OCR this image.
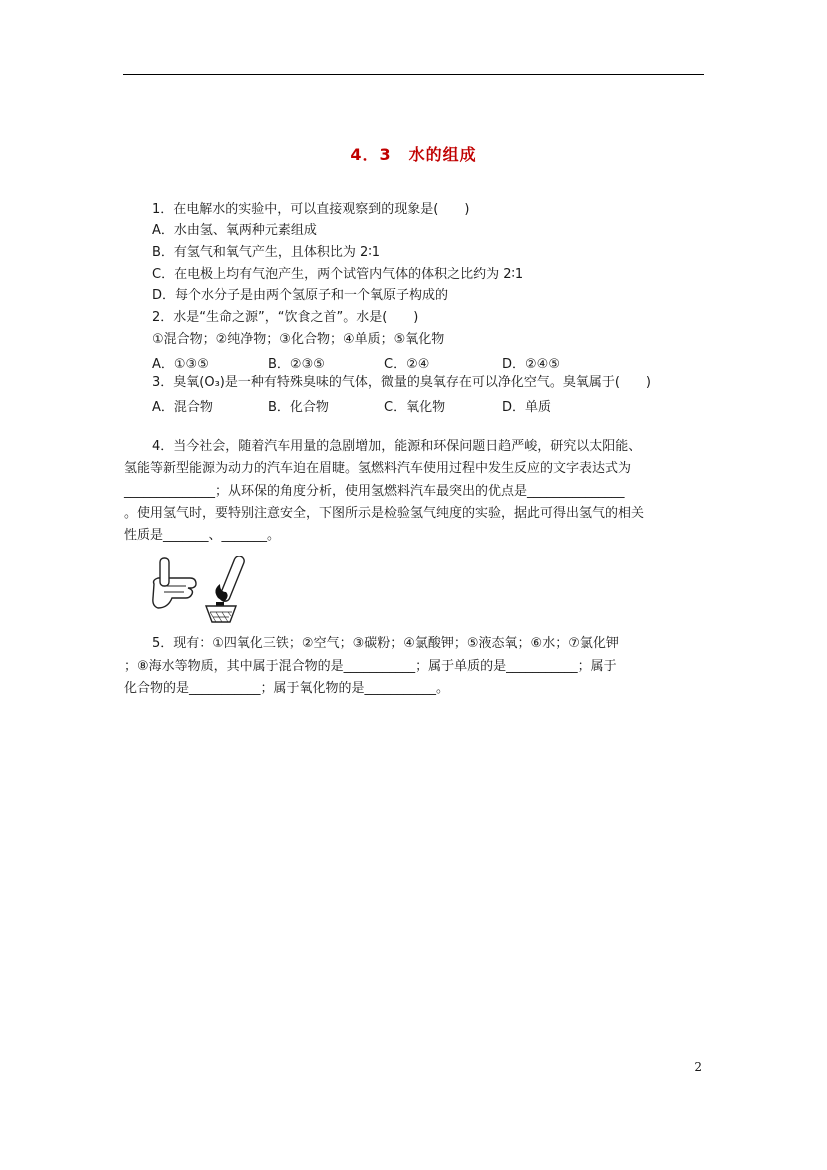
4．3　水的组成
1．在电解水的实验中，可以直接观察到的现象是(　　)
A．水由氢、氧两种元素组成
B．有氢气和氧气产生，且体积比为 2∶1
C．在电极上均有气泡产生，两个试管内气体的体积之比约为 2∶1
D．每个水分子是由两个氢原子和一个氧原子构成的
2．水是“生命之源”，“饮食之首”。水是(　　)
①混合物；②纯净物；③化合物；④单质；⑤氧化物
A．①③⑤	B．②③⑤	C．②④	D．②④⑤
3．臭氧(O₃)是一种有特殊臭味的气体，微量的臭氧存在可以净化空气。臭氧属于(　　)
A．混合物	B．化合物	C．氧化物	D．单质
4．当今社会，随着汽车用量的急剧增加，能源和环保问题日趋严峻，研究以太阳能、
氢能等新型能源为动力的汽车迫在眉睫。氢燃料汽车使用过程中发生反应的文字表达式为
______________；从环保的角度分析，使用氢燃料汽车最突出的优点是_______________
。使用氢气时，要特别注意安全，下图所示是检验氢气纯度的实验，据此可得出氢气的相关
性质是_______、_______。
5．现有：①四氧化三铁；②空气；③碳粉；④氯酸钾；⑤液态氧；⑥水；⑦氯化钾
；⑧海水等物质，其中属于混合物的是___________；属于单质的是___________；属于
化合物的是___________；属于氧化物的是___________。
2
